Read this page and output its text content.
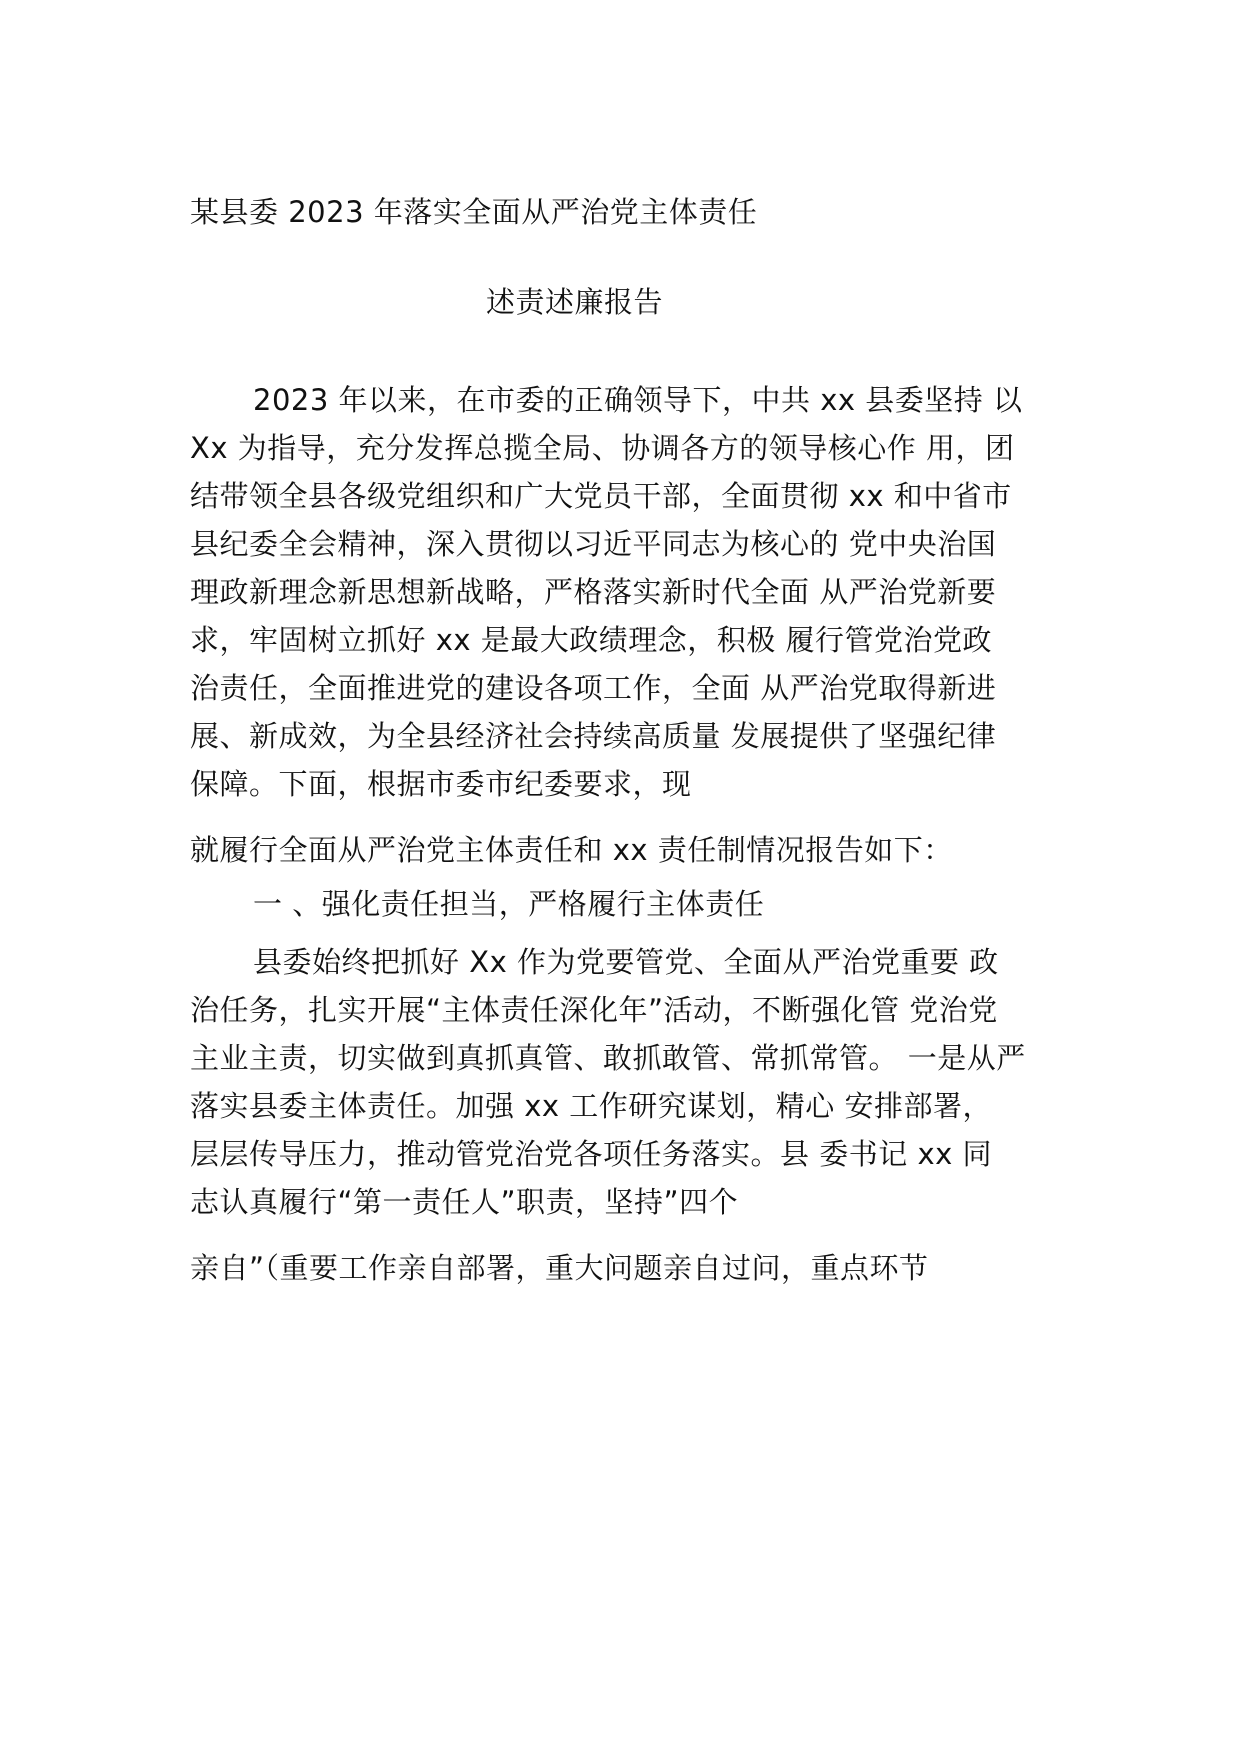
某县委 2023 年落实全面从严治党主体责任

述责述廉报告

2023 年以来，在市委的正确领导下，中共 xx 县委坚持 以

Xx 为指导，充分发挥总揽全局、协调各方的领导核心作 用，团

结带领全县各级党组织和广大党员干部，全面贯彻 xx 和中省市

县纪委全会精神，深入贯彻以习近平同志为核心的 党中央治国

理政新理念新思想新战略，严格落实新时代全面 从严治党新要

求，牢固树立抓好 xx 是最大政绩理念，积极 履行管党治党政

治责任，全面推进党的建设各项工作，全面 从严治党取得新进

展、新成效，为全县经济社会持续高质量 发展提供了坚强纪律

保障。下面，根据市委市纪委要求，现

就履行全面从严治党主体责任和 xx 责任制情况报告如下：

一 、强化责任担当，严格履行主体责任

县委始终把抓好 Xx 作为党要管党、全面从严治党重要 政

治任务，扎实开展“主体责任深化年”活动，不断强化管 党治党

主业主责，切实做到真抓真管、敢抓敢管、常抓常管。 一是从严

落实县委主体责任。加强 xx 工作研究谋划，精心 安排部署，

层层传导压力，推动管党治党各项任务落实。县 委书记 xx 同

志认真履行“第一责任人”职责，坚持”四个

亲自”（重要工作亲自部署，重大问题亲自过问，重点环节
